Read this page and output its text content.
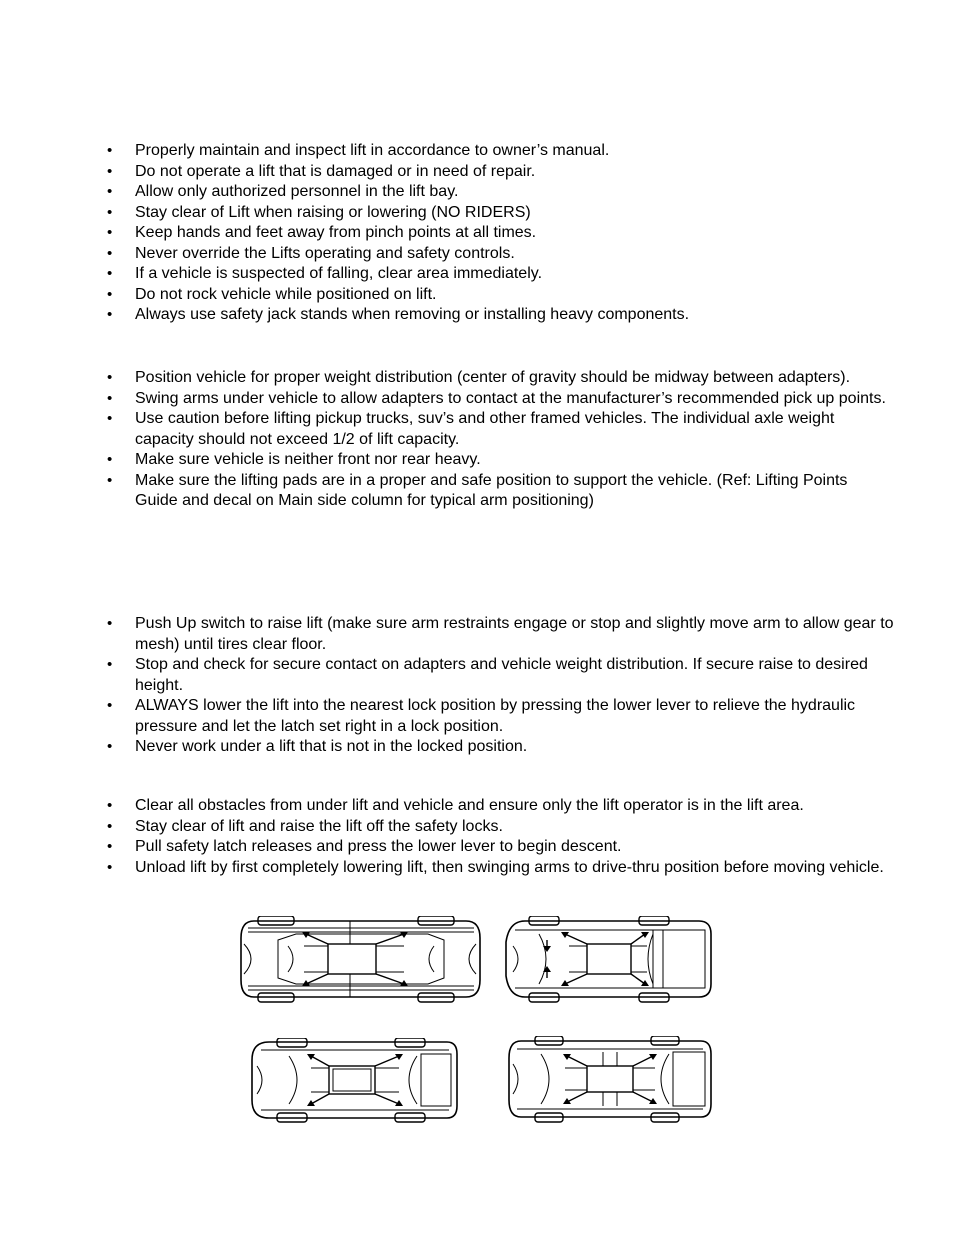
• Properly maintain and inspect lift in accordance to owner’s manual.
• Do not operate a lift that is damaged or in need of repair.
• Allow only authorized personnel in the lift bay.
• Stay clear of Lift when raising or lowering (NO RIDERS)
• Keep hands and feet away from pinch points at all times.
• Never override the Lifts operating and safety controls.
• If a vehicle is suspected of falling, clear area immediately.
• Do not rock vehicle while positioned on lift.
• Always use safety jack stands when removing or installing heavy components.
• Position vehicle for proper weight distribution (center of gravity should be midway between adapters).
• Swing arms under vehicle to allow adapters to contact at the manufacturer’s recommended pick up points.
• Use caution before lifting pickup trucks, suv’s and other framed vehicles. The individual axle weight capacity should not exceed 1/2 of lift capacity.
• Make sure vehicle is neither front nor rear heavy.
• Make sure the lifting pads are in a proper and safe position to support the vehicle. (Ref: Lifting Points Guide and decal on Main side column for typical arm positioning)
• Push Up switch to raise lift (make sure arm restraints engage or stop and slightly move arm to allow gear to mesh) until tires clear floor.
• Stop and check for secure contact on adapters and vehicle weight distribution. If secure raise to desired height.
• ALWAYS lower the lift into the nearest lock position by pressing the lower lever to relieve the hydraulic pressure and let the latch set right in a lock position.
• Never work under a lift that is not in the locked position.
• Clear all obstacles from under lift and vehicle and ensure only the lift operator is in the lift area.
• Stay clear of lift and raise the lift off the safety locks.
• Pull safety latch releases and press the lower lever to begin descent.
• Unload lift by first completely lowering lift, then swinging arms to drive-thru position before moving vehicle.
